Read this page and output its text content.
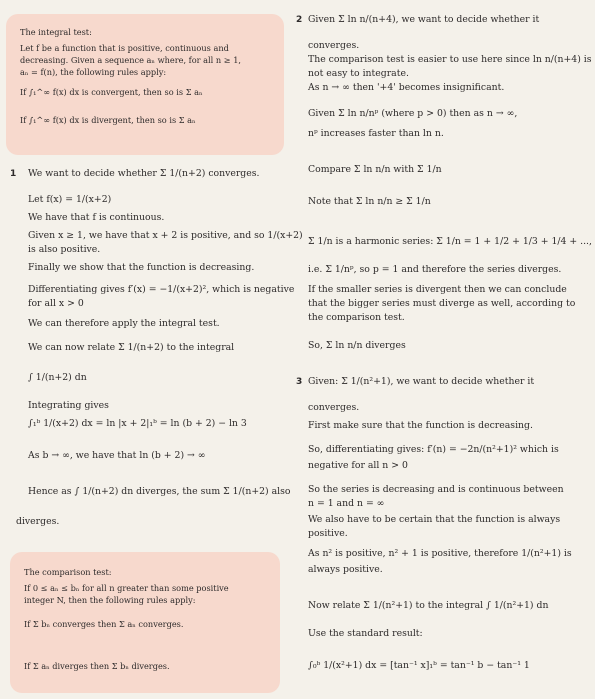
The integral test:
Let f be a function that is positive, continuous and
decreasing. Given a sequence aₙ where, for all n ≥ 1,
aₙ = f(n), the following rules apply:
If ∫₁^∞ f(x) dx is convergent, then so is Σ aₙ
If ∫₁^∞ f(x) dx is divergent, then so is Σ aₙ
1 We want to decide whether Σ 1/(n+2) converges.
Let f(x) = 1/(x+2)
We have that f is continuous.
Given x ≥ 1, we have that x + 2 is positive, and so 1/(x+2)
is also positive.
Finally we show that the function is decreasing.
Differentiating gives f′(x) = −1/(x+2)², which is negative
for all x > 0
We can therefore apply the integral test.
We can now relate Σ 1/(n+2) to the integral
∫ 1/(n+2) dn
Integrating gives
∫₁ᵇ 1/(x+2) dx = ln |x + 2|₁ᵇ = ln (b + 2) − ln 3
As b → ∞, we have that ln (b + 2) → ∞
Hence as ∫ 1/(n+2) dn diverges, the sum Σ 1/(n+2) also
diverges.
The comparison test:
If 0 ≤ aₙ ≤ bₙ for all n greater than some positive
integer N, then the following rules apply:
If Σ bₙ converges then Σ aₙ converges.
If Σ aₙ diverges then Σ bₙ diverges.
2 Given Σ ln n/(n+4), we want to decide whether it
converges.
The comparison test is easier to use here since ln n/(n+4) is
not easy to integrate.
As n → ∞ then '+4' becomes insignificant.
Given Σ ln n/nᵖ (where p > 0) then as n → ∞,
nᵖ increases faster than ln n.
Compare Σ ln n/n with Σ 1/n
Note that Σ ln n/n ≥ Σ 1/n
Σ 1/n is a harmonic series: Σ 1/n = 1 + 1/2 + 1/3 + 1/4 + ...,
i.e. Σ 1/nᵖ, so p = 1 and therefore the series diverges.
If the smaller series is divergent then we can conclude
that the bigger series must diverge as well, according to
the comparison test.
So, Σ ln n/n diverges
3 Given: Σ 1/(n²+1), we want to decide whether it
converges.
First make sure that the function is decreasing.
So, differentiating gives: f′(n) = −2n/(n²+1)² which is
negative for all n > 0
So the series is decreasing and is continuous between
n = 1 and n = ∞
We also have to be certain that the function is always
positive.
As n² is positive, n² + 1 is positive, therefore 1/(n²+1) is
always positive.
Now relate Σ 1/(n²+1) to the integral ∫ 1/(n²+1) dn
Use the standard result:
∫₀ᵇ 1/(x²+1) dx = [tan⁻¹ x]₁ᵇ = tan⁻¹ b − tan⁻¹ 1
